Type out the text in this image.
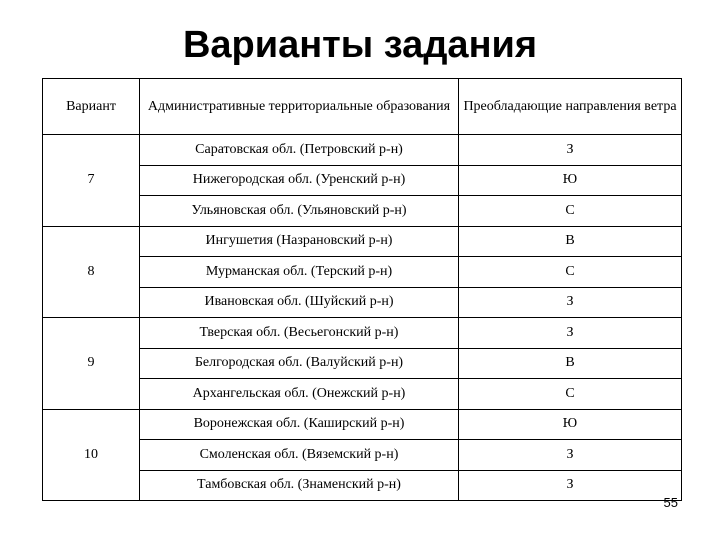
Варианты задания
Вариант	Административные территориальные образования	Преобладающие направления ветра
7	Саратовская обл. (Петровский р-н)	З
	Нижегородская обл. (Уренский р-н)	Ю
	Ульяновская обл. (Ульяновский р-н)	С
8	Ингушетия (Назрановский р-н)	В
	Мурманская обл. (Терский р-н)	С
	Ивановская обл. (Шуйский р-н)	З
9	Тверская обл. (Весьегонский р-н)	З
	Белгородская обл. (Валуйский р-н)	В
	Архангельская обл. (Онежский р-н)	С
10	Воронежская обл. (Каширский р-н)	Ю
	Смоленская обл. (Вяземский р-н)	З
	Тамбовская обл. (Знаменский р-н)	З
55
